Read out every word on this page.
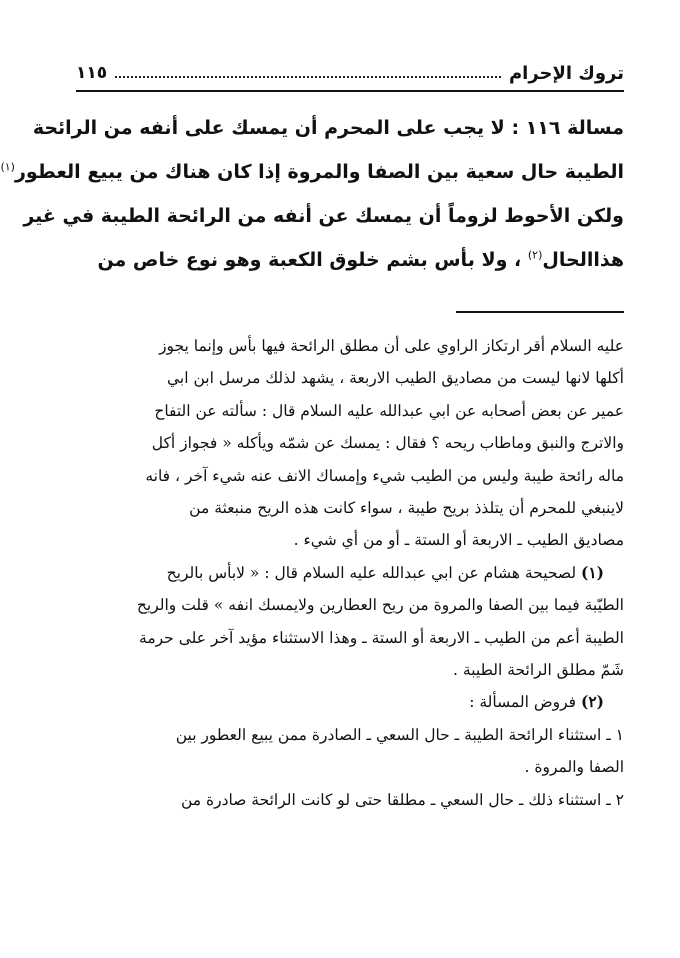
تروك الإحرام
١١٥
مسالة ١١٦ : لا يجب على المحرم أن يمسك على أنفه من الرائحة
الطيبة حال سعية بين الصفا والمروة إذا كان هناك من يبيع العطور$^{(١)}$
ولكن الأحوط لزوماً أن يمسك عن أنفه من الرائحة الطيبة في غير
هذاالحال$^{(٢)}$ ، ولا بأس بشم خلوق الكعبة وهو نوع خاص من
عليه السلام أقر ارتكاز الراوي على أن مطلق الرائحة فيها بأس وإنما يجوز
أكلها لانها ليست من مصاديق الطيب الاربعة ، يشهد لذلك مرسل ابن ابي
عمير عن بعض أصحابه عن ابي عبدالله عليه السلام قال : سألته عن التفاح
والاترج والنبق وماطاب ريحه ؟ فقال : يمسك عن شمّه ويأكله « فجواز أكل
ماله رائحة طيبة وليس من الطيب شيء وإمساك الانف عنه شيء آخر ، فانه
لاينبغي للمحرم أن يتلذذ بريح طيبة ، سواء كانت هذه الريح منبعثة من
مصاديق الطيب ـ الاربعة أو الستة ـ أو من أي شيء .
(١) لصحيحة هشام عن ابي عبدالله عليه السلام قال : « لابأس بالريح
الطيّبة فيما بين الصفا والمروة من ريح العطارين ولايمسك انفه » قلت والريح
الطيبة أعم من الطيب ـ الاربعة أو الستة ـ وهذا الاستثناء مؤيد آخر على حرمة
شَمّ مطلق الرائحة الطيبة .
(٢) فروض المسألة :
١ ـ استثناء الرائحة الطيبة ـ حال السعي ـ الصادرة ممن يبيع العطور بين
الصفا والمروة .
٢ ـ استثناء ذلك ـ حال السعي ـ مطلقا حتى لو كانت الرائحة صادرة من
